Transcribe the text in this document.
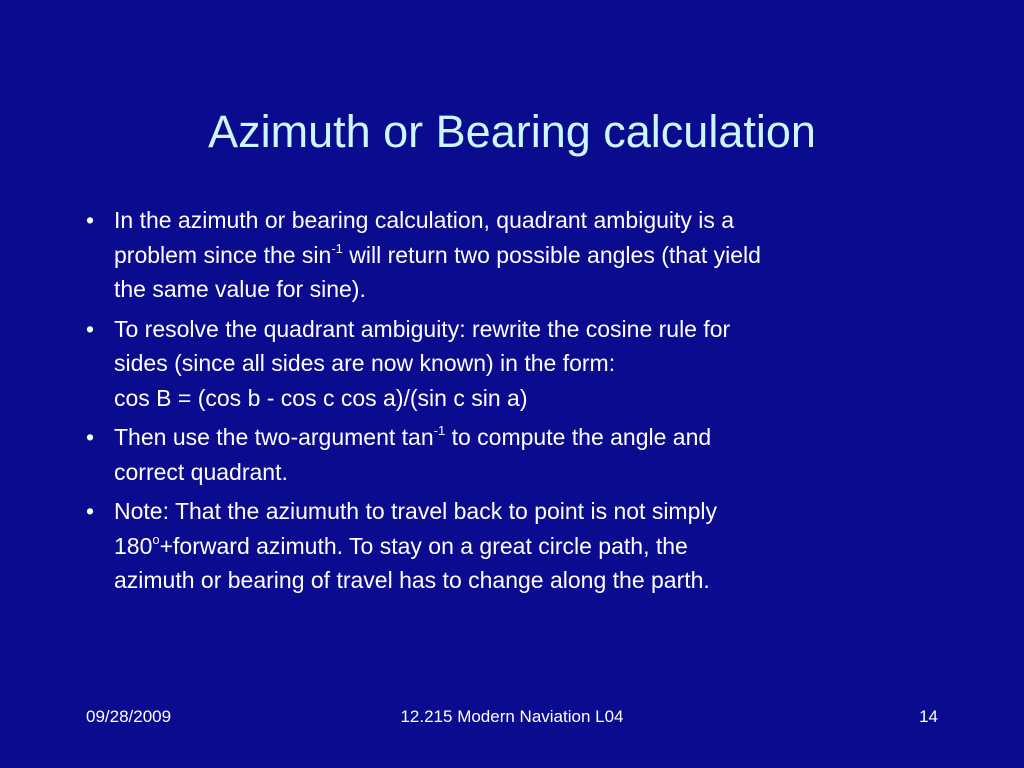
Azimuth or Bearing calculation
• In the azimuth or bearing calculation, quadrant ambiguity is a
problem since the $\sin^{-1}$ will return two possible angles (that yield
the same value for sine).
• To resolve the quadrant ambiguity: rewrite the cosine rule for
sides (since all sides are now known) in the form:
cos B = (cos b - cos c cos a)/(sin c sin a)
• Then use the two-argument $\tan^{-1}$ to compute the angle and
correct quadrant.
• Note: That the aziumuth to travel back to point is not simply
$180^o+forward$ azimuth. To stay on a great circle path, the
azimuth or bearing of travel has to change along the parth.
09/28/2009	12.215 Modern Naviation L04	14
